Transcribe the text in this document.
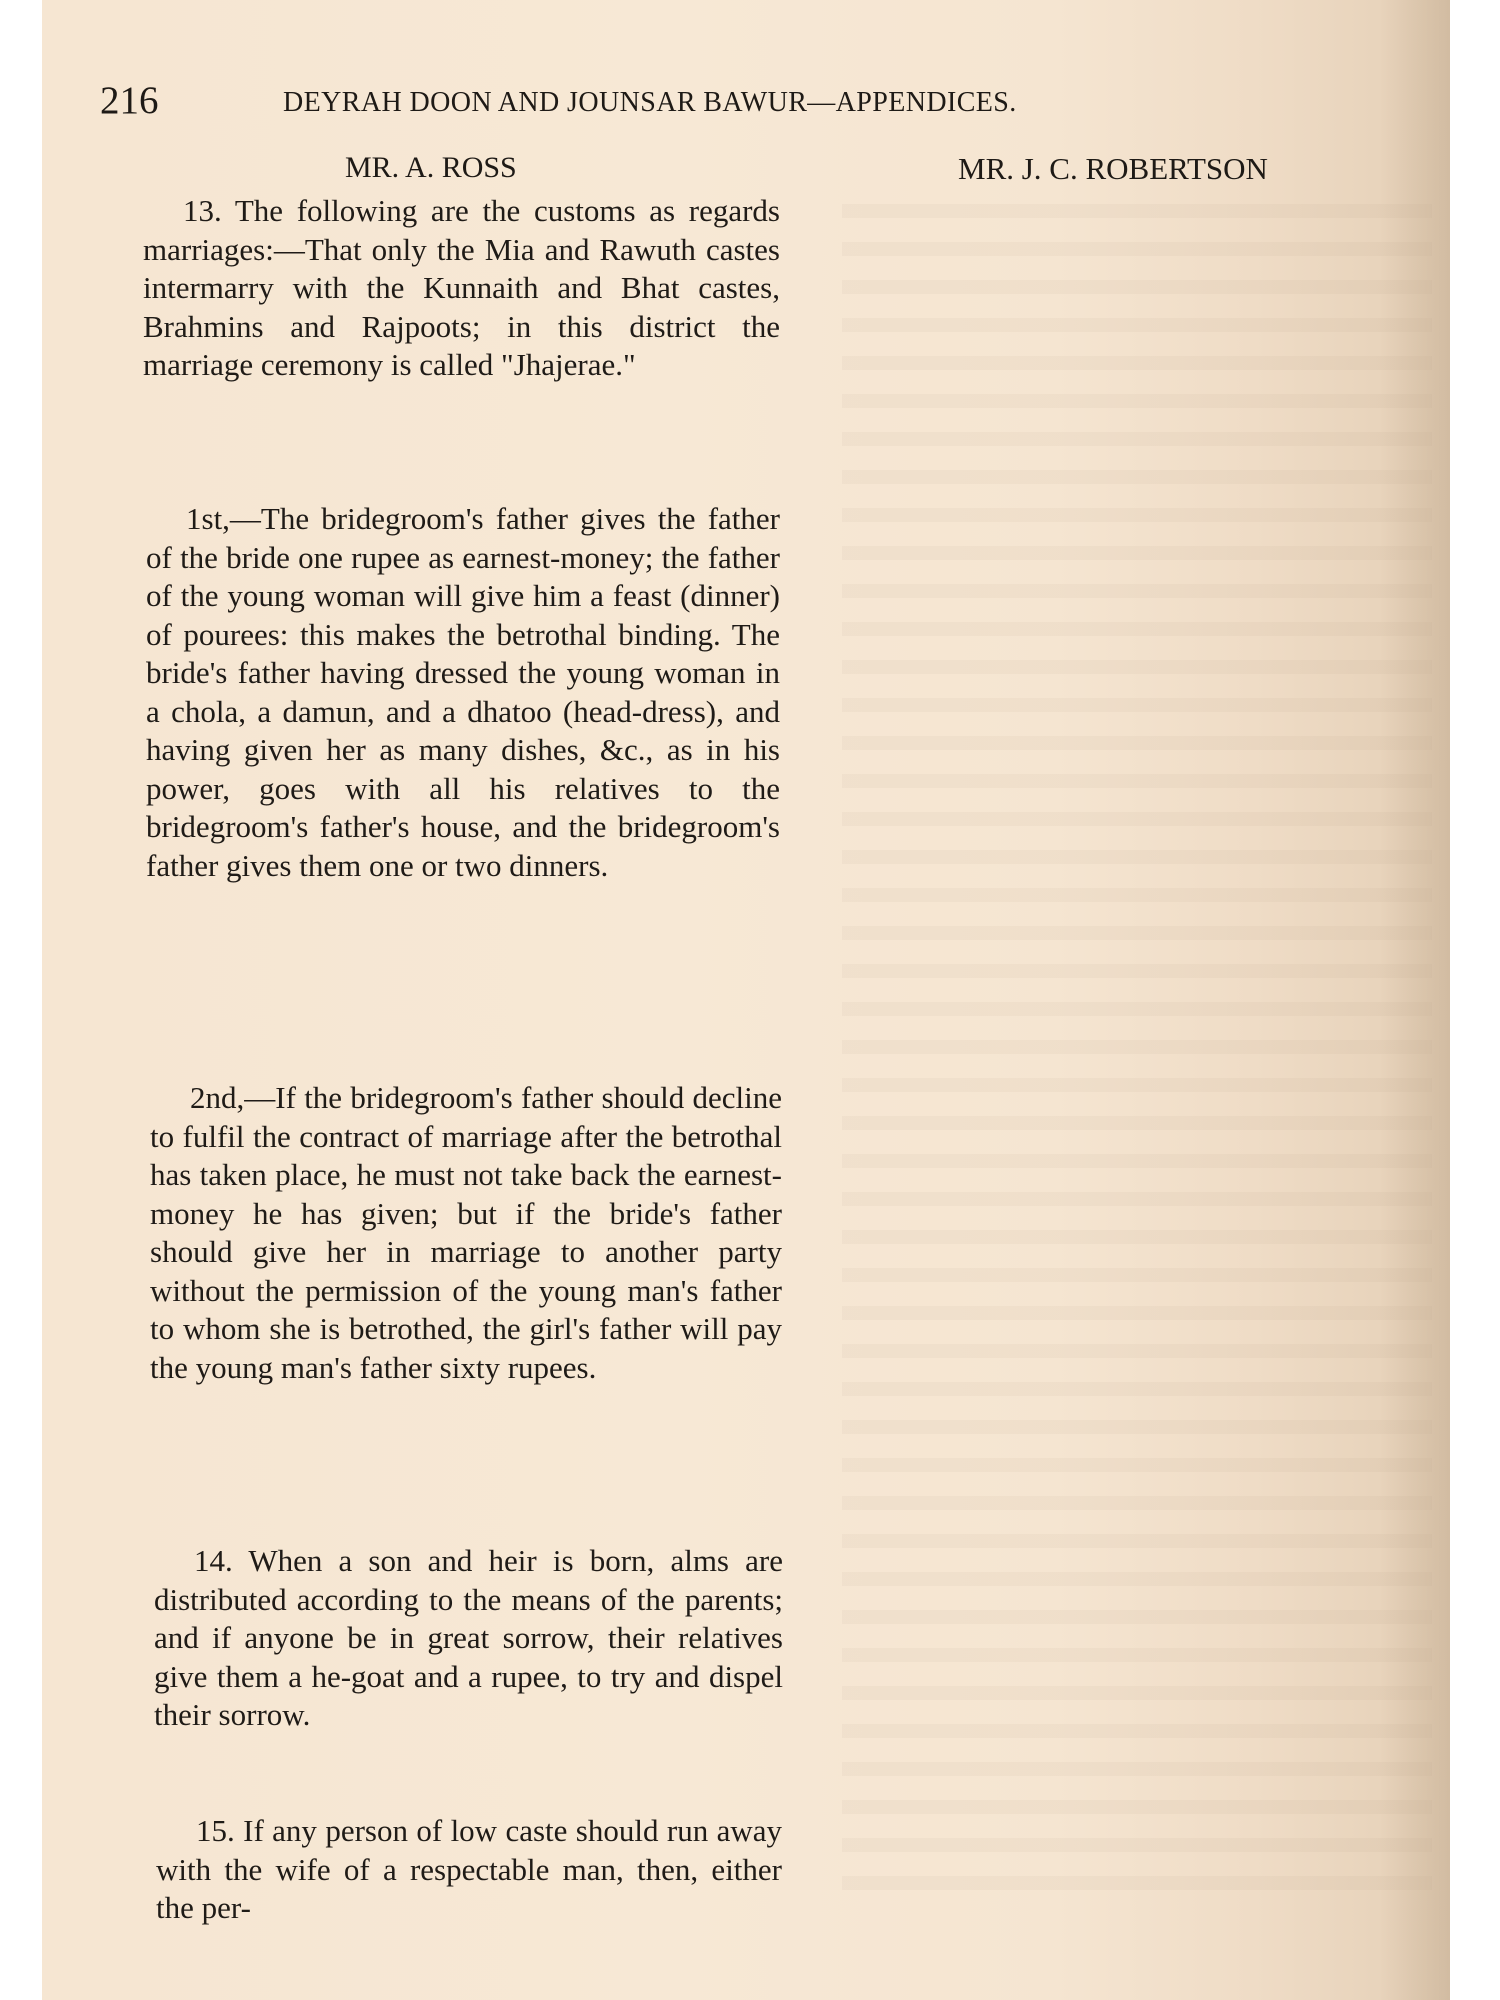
216	DEYRAH DOON AND JOUNSAR BAWUR—APPENDICES.

MR. A. ROSS	MR. J. C. ROBERTSON

13. The following are the customs as regards marriages:—That only the Mia and Rawuth castes intermarry with the Kunnaith and Bhat castes, Brahmins and Rajpoots; in this district the marriage ceremony is called "Jhajerae."

1st,—The bridegroom's father gives the father of the bride one rupee as earnest-money; the father of the young woman will give him a feast (dinner) of pourees: this makes the betrothal binding. The bride's father having dressed the young woman in a chola, a damun, and a dhatoo (head-dress), and having given her as many dishes, &c., as in his power, goes with all his relatives to the bridegroom's father's house, and the bridegroom's father gives them one or two dinners.

2nd,—If the bridegroom's father should decline to fulfil the contract of marriage after the betrothal has taken place, he must not take back the earnest-money he has given; but if the bride's father should give her in marriage to another party without the permission of the young man's father to whom she is betrothed, the girl's father will pay the young man's father sixty rupees.

14. When a son and heir is born, alms are distributed according to the means of the parents; and if anyone be in great sorrow, their relatives give them a he-goat and a rupee, to try and dispel their sorrow.

15. If any person of low caste should run away with the wife of a respectable man, then, either the per-
